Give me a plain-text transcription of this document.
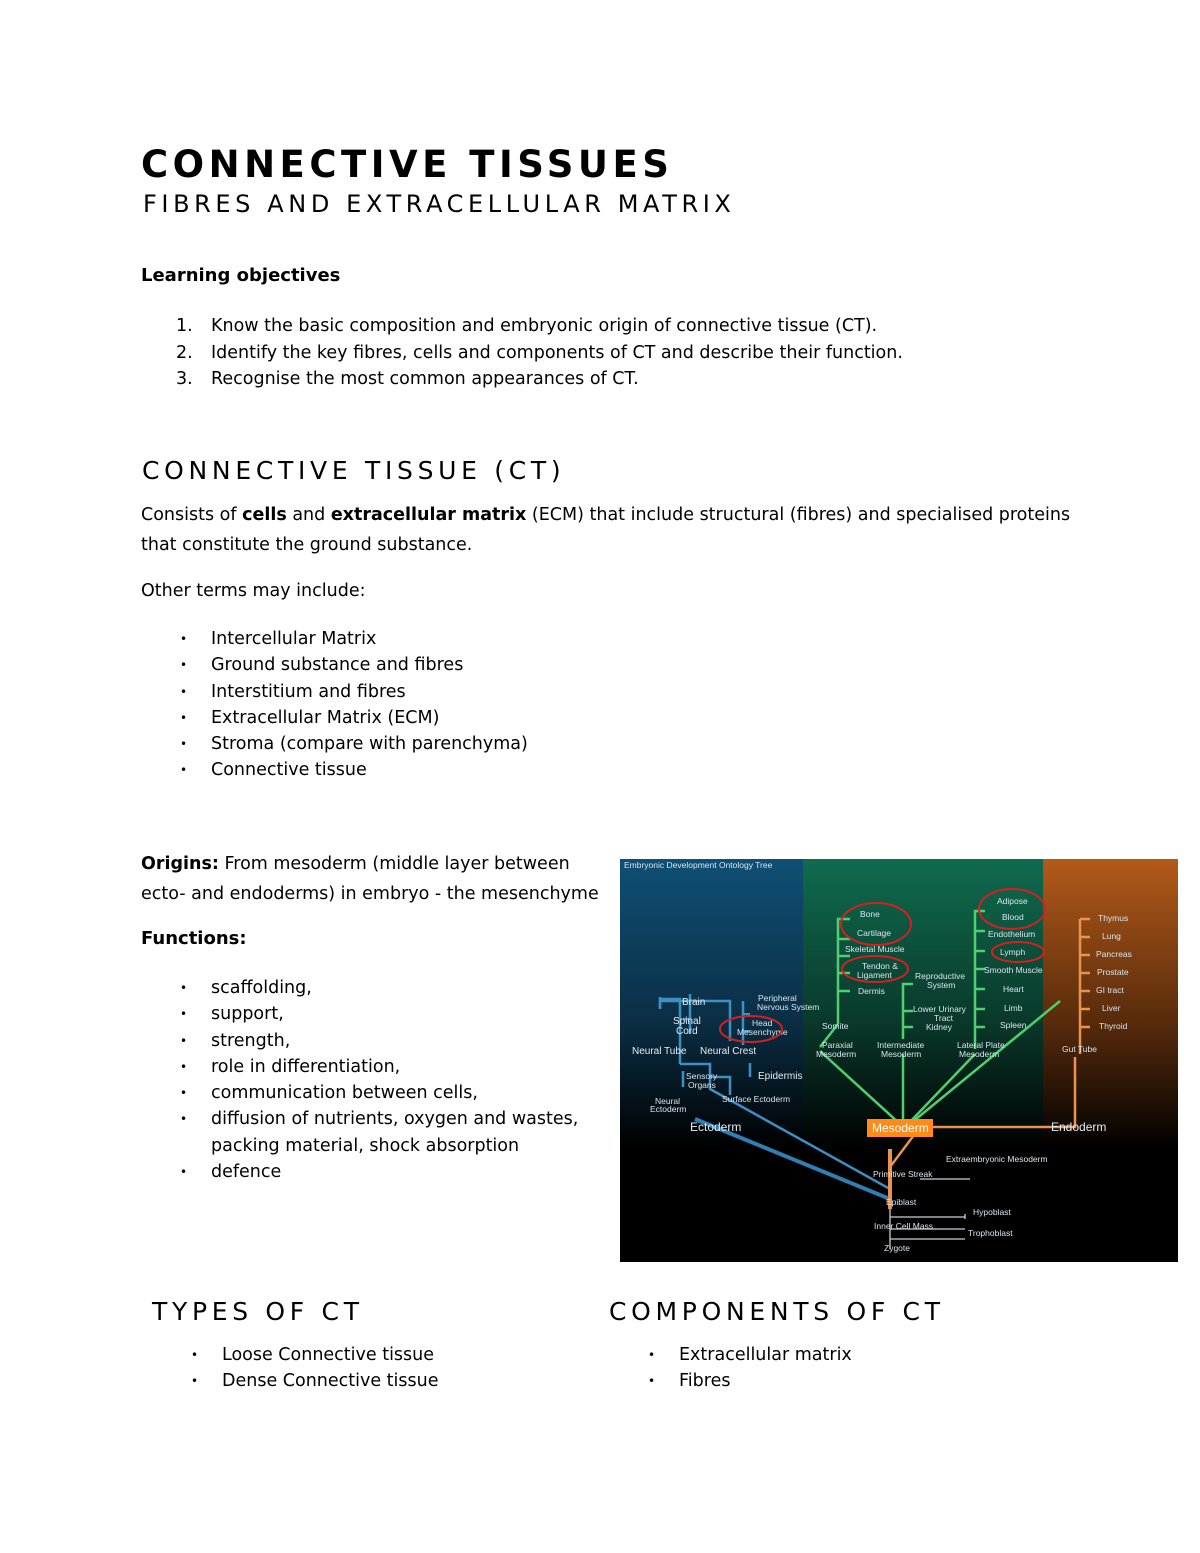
CONNECTIVE TISSUES
FIBRES AND EXTRACELLULAR MATRIX
Learning objectives
1. Know the basic composition and embryonic origin of connective tissue (CT).
2. Identify the key fibres, cells and components of CT and describe their function.
3. Recognise the most common appearances of CT.
CONNECTIVE TISSUE (CT)

Consists of cells and extracellular matrix (ECM) that include structural (fibres) and specialised proteins that constitute the ground substance.

Other terms may include:
• Intercellular Matrix
• Ground substance and fibres
• Interstitium and fibres
• Extracellular Matrix (ECM)
• Stroma (compare with parenchyma)
• Connective tissue

Origins: From mesoderm (middle layer between ecto- and endoderms) in embryo - the mesenchyme

Functions:
• scaffolding,
• support,
• strength,
• role in differentiation,
• communication between cells,
• diffusion of nutrients, oxygen and wastes, packing material, shock absorption
• defence
Embryonic Development Ontology Tree
Brain
Spinal
Cord
Neural Tube Neural Crest
Peripheral
Nervous System
Head
Mesenchyme
Sensory
Organs
Neural
Ectoderm
Epidermis
Surface Ectoderm
Ectoderm
Bone
Cartilage
Skeletal Muscle
Tendon &
Ligament
Dermis
Somite
Paraxial
Mesoderm
Reproductive
System
Lower Urinary
Tract
Kidney
Intermediate
Mesoderm
Adipose
Blood
Endothelium
Lymph
Smooth Muscle
Heart
Limb
Spleen
Lateral Plate
Mesoderm
Mesoderm
Thymus
Lung
Pancreas
Prostate
GI tract
Liver
Thyroid
Gut Tube
Endoderm
Extraembryonic Mesoderm
Primitive Streak
Epiblast
Hypoblast
Inner Cell Mass
Trophoblast
Zygote
TYPES OF CT
• Loose Connective tissue
• Dense Connective tissue
COMPONENTS OF CT
• Extracellular matrix
• Fibres
